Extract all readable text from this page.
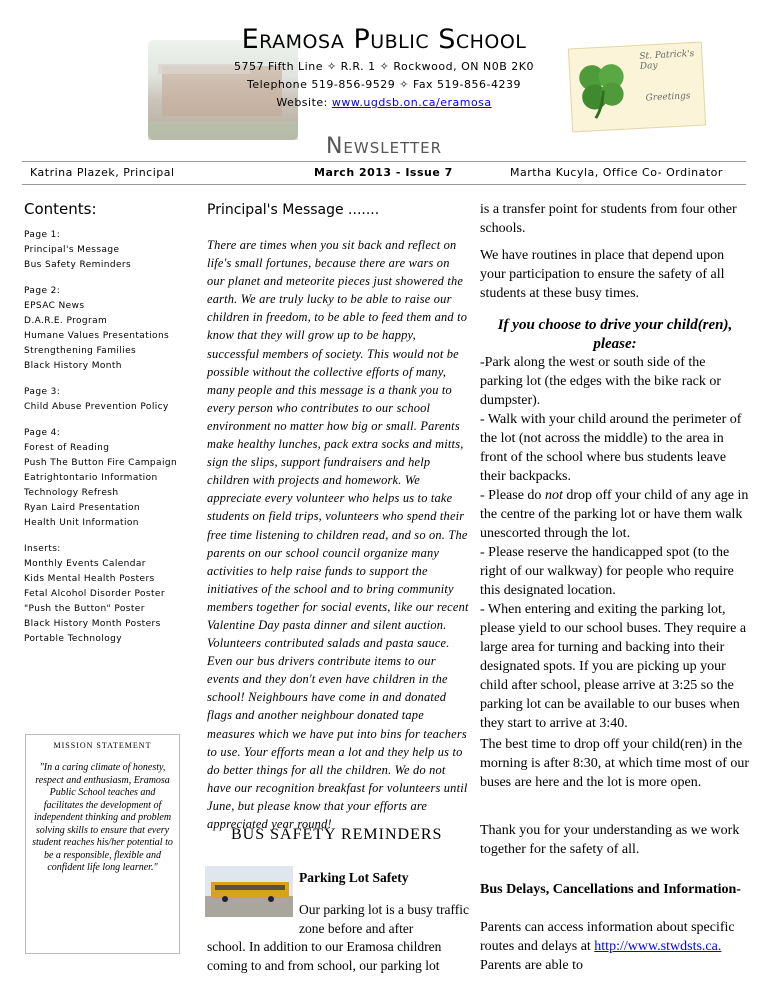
Eramosa Public School
5757 Fifth Line ✧ R.R. 1 ✧ Rockwood, ON N0B 2K0
Telephone 519-856-9529 ✧ Fax 519-856-4239
Website: www.ugdsb.on.ca/eramosa
St. Patrick's Day
Greetings
Newsletter
Katrina Plazek, Principal	March 2013 - Issue 7	Martha Kucyla, Office Co- Ordinator
Contents:
Page 1:
Principal's Message
Bus Safety Reminders
Page 2:
EPSAC News
D.A.R.E. Program
Humane Values Presentations
Strengthening Families
Black History Month
Page 3:
Child Abuse Prevention Policy
Page 4:
Forest of Reading
Push The Button Fire Campaign
Eatrightontario Information
Technology Refresh
Ryan Laird Presentation
Health Unit Information
Inserts:
Monthly Events Calendar
Kids Mental Health Posters
Fetal Alcohol Disorder Poster
"Push the Button" Poster
Black History Month Posters
Portable Technology
MISSION STATEMENT
"In a caring climate of honesty, respect and enthusiasm, Eramosa Public School teaches and facilitates the development of independent thinking and problem solving skills to ensure that every student reaches his/her potential to be a responsible, flexible and confident life long learner."
Principal's Message .......
There are times when you sit back and reflect on life's small fortunes, because there are wars on our planet and meteorite pieces just showered the earth. We are truly lucky to be able to raise our children in freedom, to be able to feed them and to know that they will grow up to be happy, successful members of society. This would not be possible without the collective efforts of many, many people and this message is a thank you to every person who contributes to our school environment no matter how big or small. Parents make healthy lunches, pack extra socks and mitts, sign the slips, support fundraisers and help children with projects and homework. We appreciate every volunteer who helps us to take students on field trips, volunteers who spend their free time listening to children read, and so on. The parents on our school council organize many activities to help raise funds to support the initiatives of the school and to bring community members together for social events, like our recent Valentine Day pasta dinner and silent auction. Volunteers contributed salads and pasta sauce. Even our bus drivers contribute items to our events and they don't even have children in the school! Neighbours have come in and donated flags and another neighbour donated tape measures which we have put into bins for teachers to use. Your efforts mean a lot and they help us to do better things for all the children. We do not have our recognition breakfast for volunteers until June, but please know that your efforts are appreciated year round!
BUS SAFETY REMINDERS
Parking Lot Safety
Our parking lot is a busy traffic zone before and after
school. In addition to our Eramosa children coming to and from school, our parking lot
is a transfer point for students from four other schools.
We have routines in place that depend upon your participation to ensure the safety of all students at these busy times.
If you choose to drive your child(ren), please:
-Park along the west or south side of the parking lot (the edges with the bike rack or dumpster).
- Walk with your child around the perimeter of the lot (not across the middle) to the area in front of the school where bus students leave their backpacks.
- Please do not drop off your child of any age in the centre of the parking lot or have them walk unescorted through the lot.
- Please reserve the handicapped spot (to the right of our walkway) for people who require this designated location.
- When entering and exiting the parking lot, please yield to our school buses. They require a large area for turning and backing into their designated spots. If you are picking up your child after school, please arrive at 3:25 so the parking lot can be available to our buses when they start to arrive at 3:40.
The best time to drop off your child(ren) in the morning is after 8:30, at which time most of our buses are here and the lot is more open.
Thank you for your understanding as we work together for the safety of all.
Bus Delays, Cancellations and Information-
Parents can access information about specific routes and delays at http://www.stwdsts.ca. Parents are able to
